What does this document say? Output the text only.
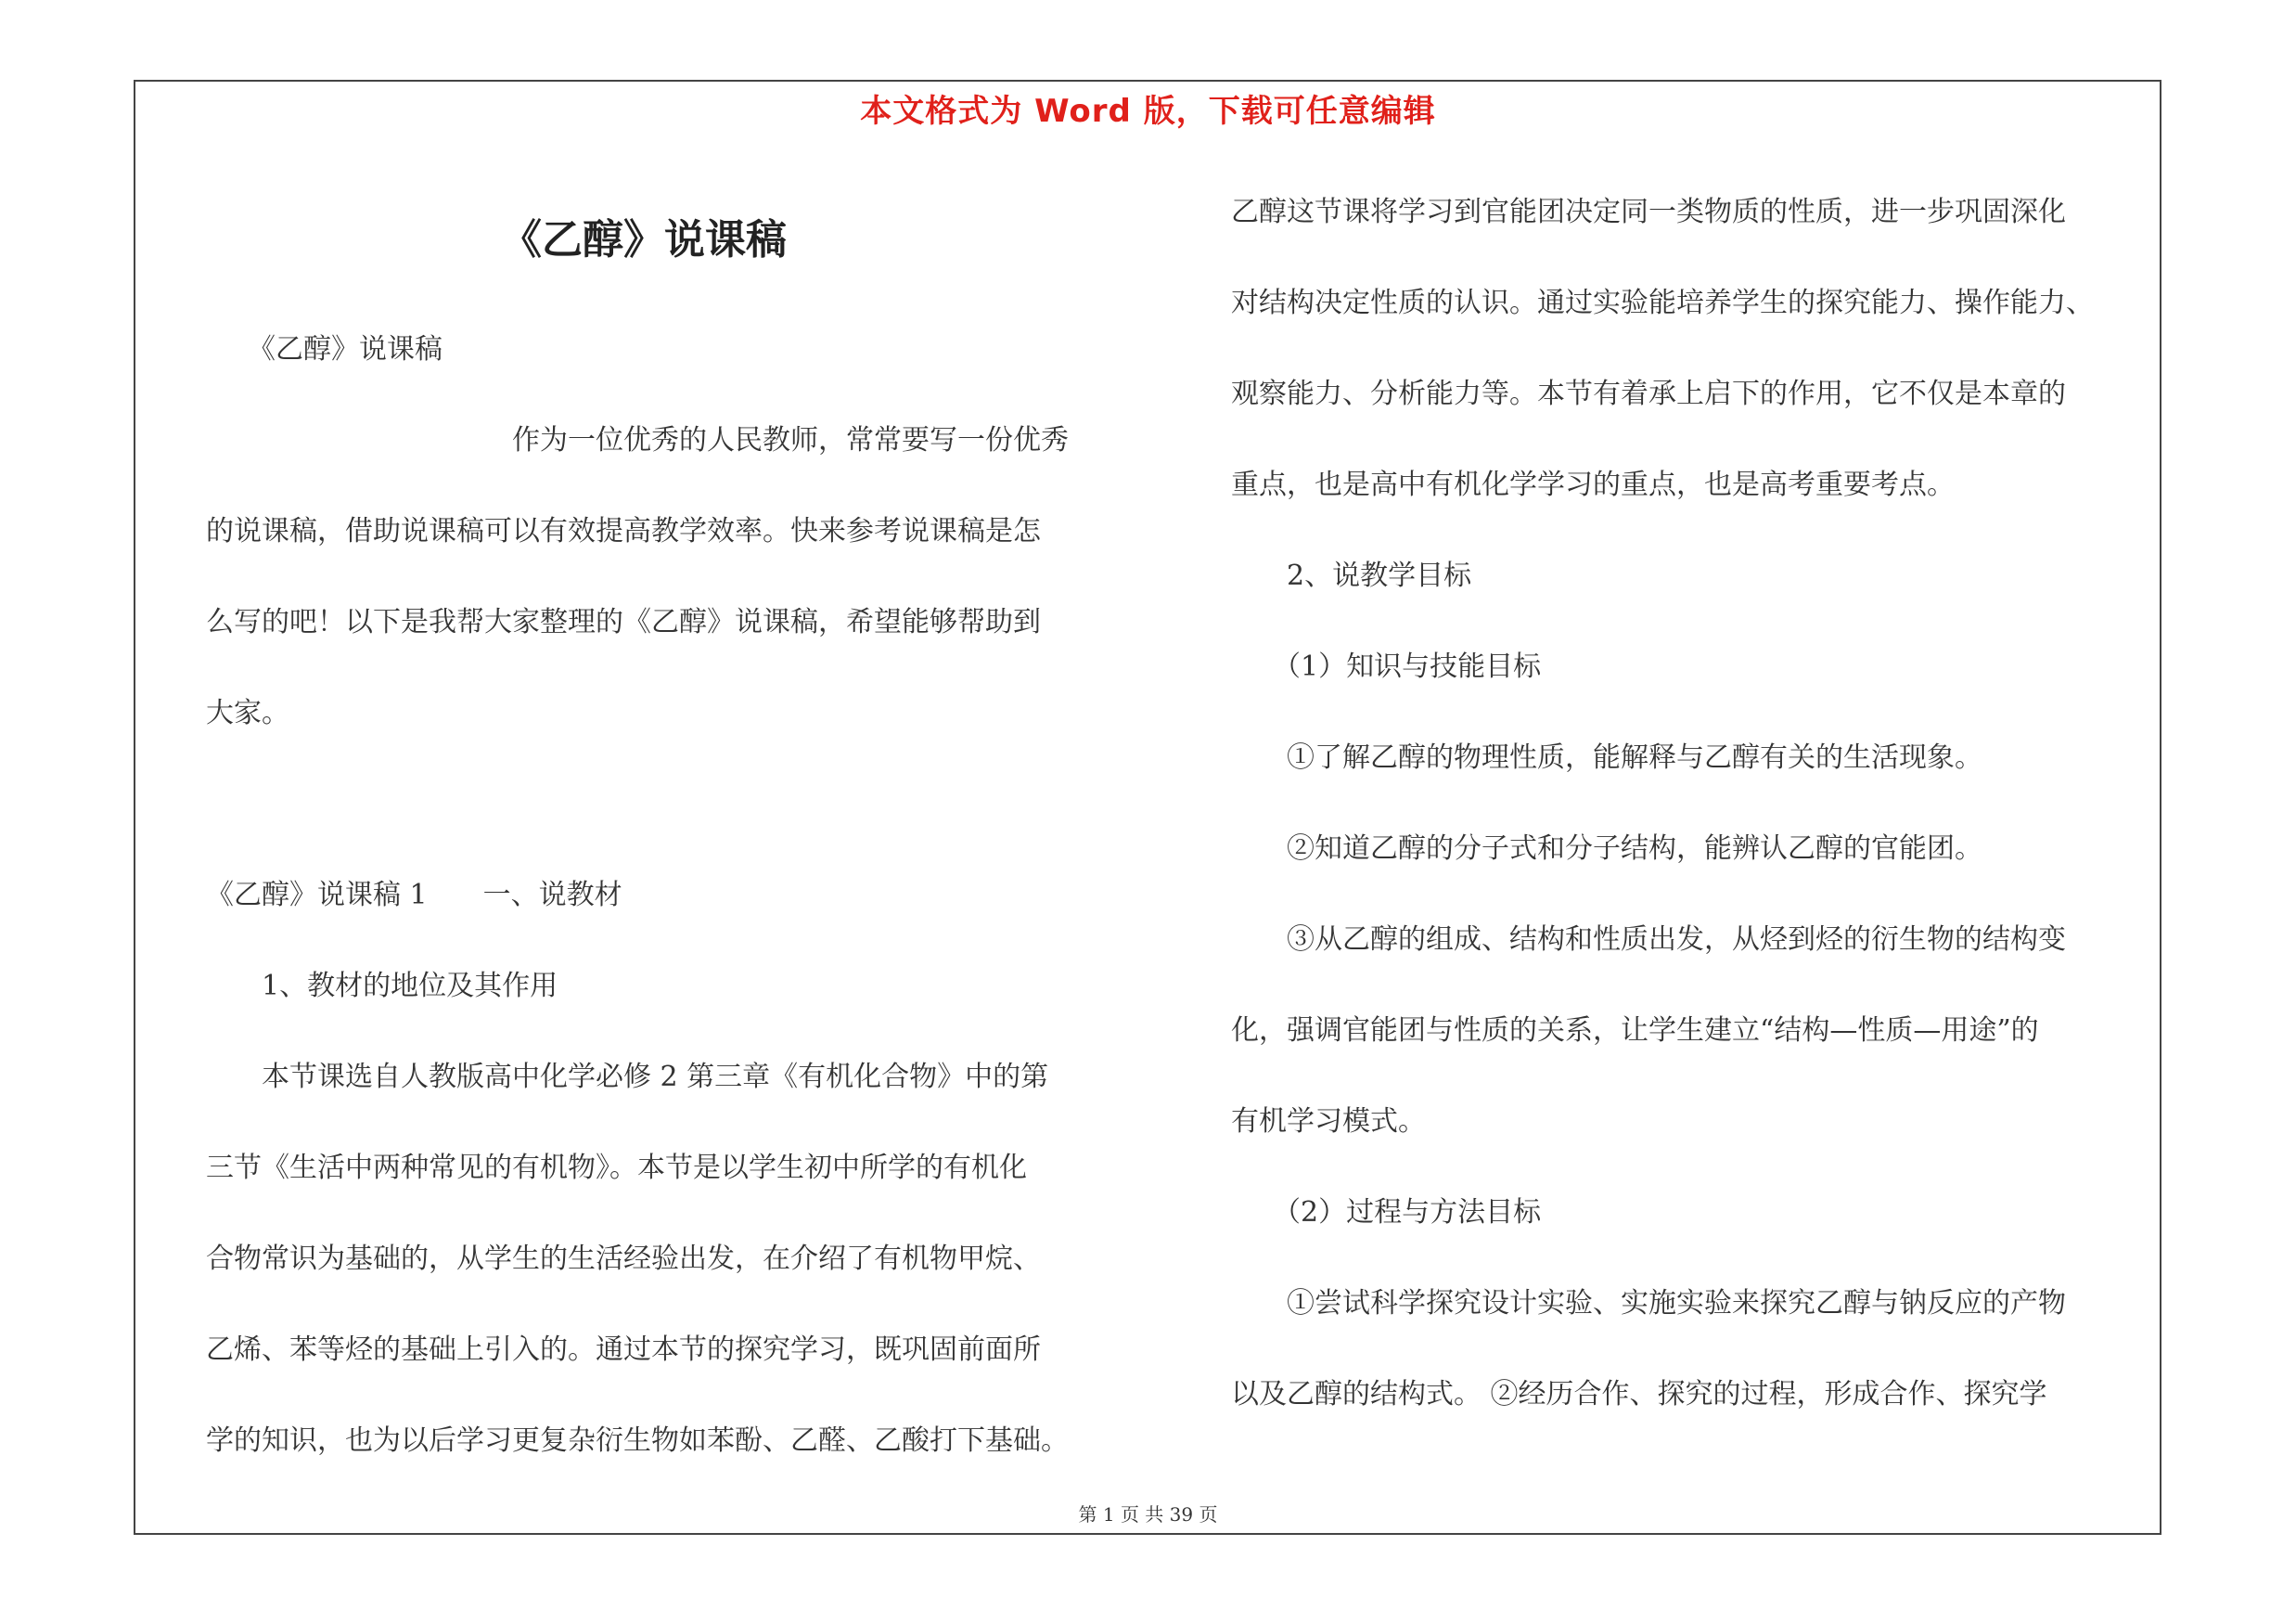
本文格式为 Word 版，下载可任意编辑
《乙醇》说课稿

　　《乙醇》说课稿

　　　　　　　　　　　作为一位优秀的人民教师，常常要写一份优秀

的说课稿，借助说课稿可以有效提高教学效率。快来参考说课稿是怎

么写的吧！以下是我帮大家整理的《乙醇》说课稿，希望能够帮助到

大家。

《乙醇》说课稿 1　　一、说教材

　　1、教材的地位及其作用

　　本节课选自人教版高中化学必修 2 第三章《有机化合物》中的第

三节《生活中两种常见的有机物》。本节是以学生初中所学的有机化

合物常识为基础的，从学生的生活经验出发，在介绍了有机物甲烷、

乙烯、苯等烃的基础上引入的。通过本节的探究学习，既巩固前面所

学的知识，也为以后学习更复杂衍生物如苯酚、乙醛、乙酸打下基础。

乙醇这节课将学习到官能团决定同一类物质的性质，进一步巩固深化

对结构决定性质的认识。通过实验能培养学生的探究能力、操作能力、

观察能力、分析能力等。本节有着承上启下的作用，它不仅是本章的

重点，也是高中有机化学学习的重点，也是高考重要考点。

　　2、说教学目标

　　（1）知识与技能目标

　　①了解乙醇的物理性质，能解释与乙醇有关的生活现象。

　　②知道乙醇的分子式和分子结构，能辨认乙醇的官能团。

　　③从乙醇的组成、结构和性质出发，从烃到烃的衍生物的结构变

化，强调官能团与性质的关系，让学生建立“结构—性质—用途”的

有机学习模式。

　　（2）过程与方法目标

　　①尝试科学探究设计实验、实施实验来探究乙醇与钠反应的产物

以及乙醇的结构式。 ②经历合作、探究的过程，形成合作、探究学

第 1 页 共 39 页
